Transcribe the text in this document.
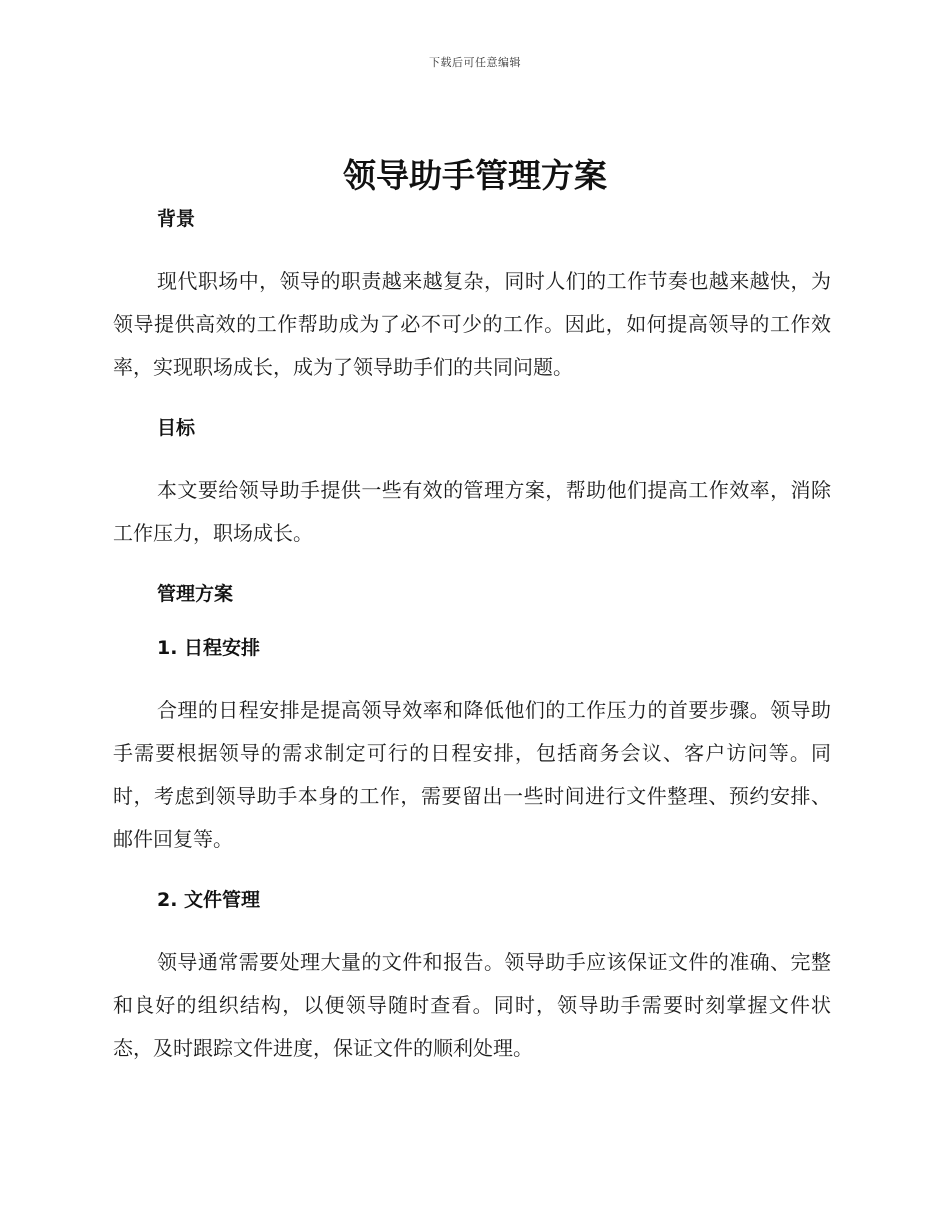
下载后可任意编辑
领导助手管理方案
背景

现代职场中，领导的职责越来越复杂，同时人们的工作节奏也越来越快，为领导提供高效的工作帮助成为了必不可少的工作。因此，如何提高领导的工作效率，实现职场成长，成为了领导助手们的共同问题。

目标

本文要给领导助手提供一些有效的管理方案，帮助他们提高工作效率，消除工作压力，职场成长。

管理方案
1. 日程安排

合理的日程安排是提高领导效率和降低他们的工作压力的首要步骤。领导助手需要根据领导的需求制定可行的日程安排，包括商务会议、客户访问等。同时，考虑到领导助手本身的工作，需要留出一些时间进行文件整理、预约安排、邮件回复等。

2. 文件管理

领导通常需要处理大量的文件和报告。领导助手应该保证文件的准确、完整和良好的组织结构，以便领导随时查看。同时，领导助手需要时刻掌握文件状态，及时跟踪文件进度，保证文件的顺利处理。
